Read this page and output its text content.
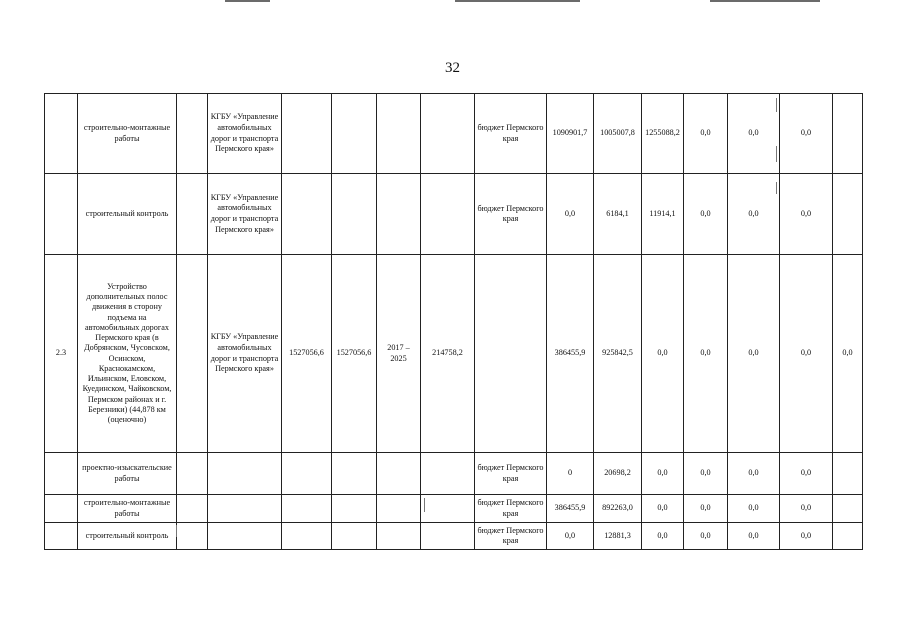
32
	строительно-монтажные работы		КГБУ «Управление автомобильных дорог и транспорта Пермского края»					бюджет Пермского края	1090901,7	1005007,8	1255088,2	0,0	0,0	0,0	
	строительный контроль		КГБУ «Управление автомобильных дорог и транспорта Пермского края»					бюджет Пермского края	0,0	6184,1	11914,1	0,0	0,0	0,0	
2.3	Устройство дополнительных полос движения в сторону подъема на автомобильных дорогах Пермского края (в Добрянском, Чусовском, Осинском, Краснокамском, Ильинском, Еловском, Куединском, Чайковском, Пермском районах и г. Березники) (44,878 км (оценочно)		КГБУ «Управление автомобильных дорог и транспорта Пермского края»	1527056,6	1527056,6	2017 – 2025	214758,2		386455,9	925842,5	0,0	0,0	0,0	0,0	0,0
	проектно-изыскательские работы							бюджет Пермского края	0	20698,2	0,0	0,0	0,0	0,0	
	строительно-монтажные работы							бюджет Пермского края	386455,9	892263,0	0,0	0,0	0,0	0,0	
	строительный контроль							бюджет Пермского края	0,0	12881,3	0,0	0,0	0,0	0,0	
